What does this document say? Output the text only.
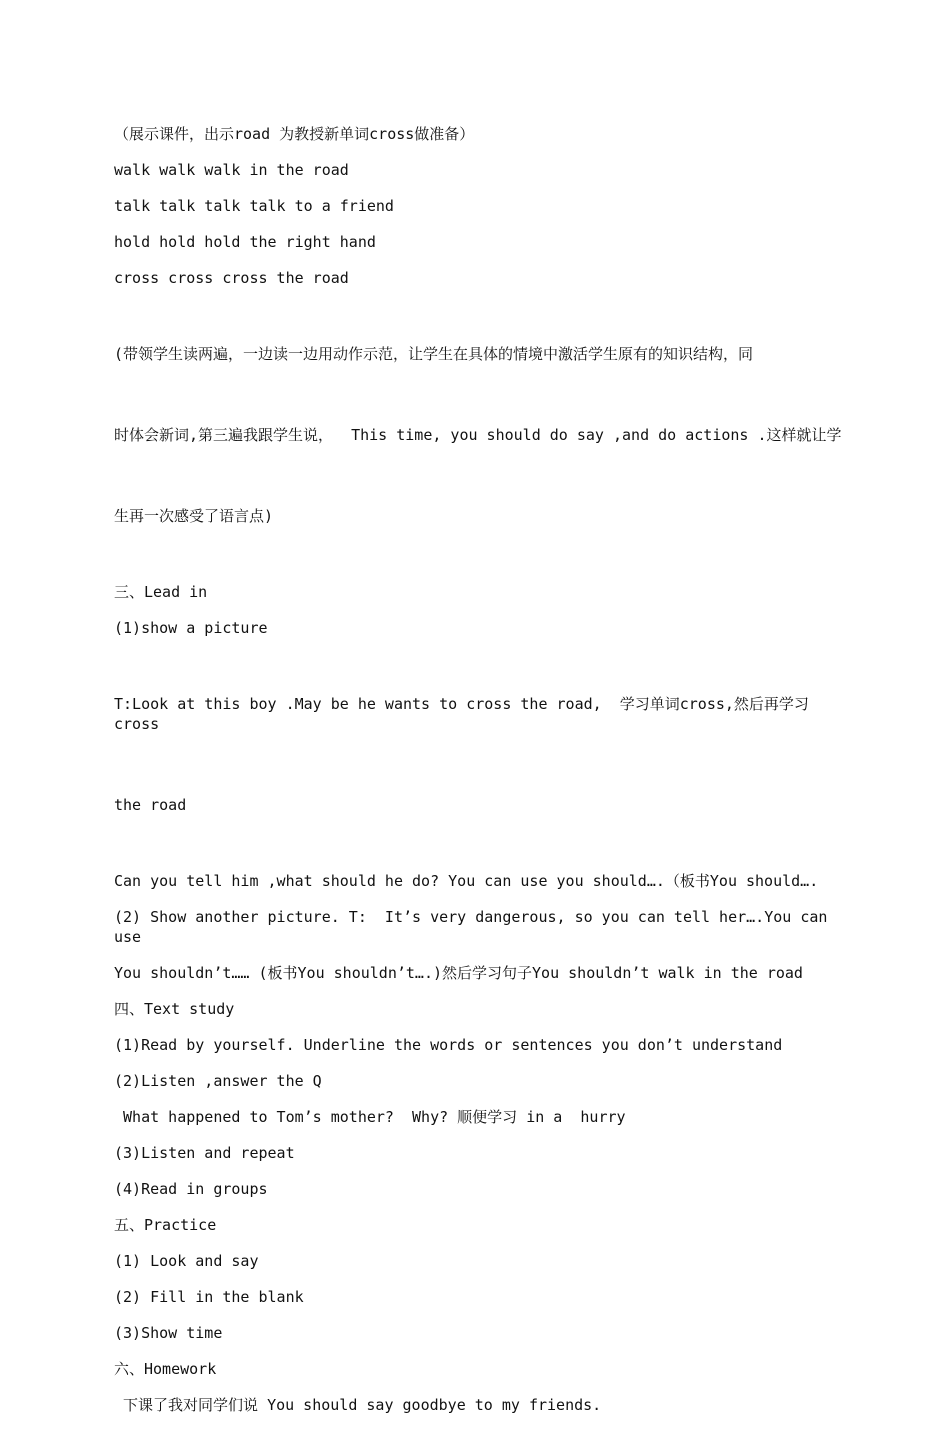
（展示课件，出示road 为教授新单词cross做准备）
walk walk walk in the road
talk talk talk talk to a friend
hold hold hold the right hand
cross cross cross the road

(带领学生读两遍，一边读一边用动作示范，让学生在具体的情境中激活学生原有的知识结构，同

时体会新词,第三遍我跟学生说，  This time, you should do say ,and do actions .这样就让学

生再一次感受了语言点)

三、Lead in
(1)show a picture

T:Look at this boy .May be he wants to cross the road,  学习单词cross,然后再学习cross

the road

Can you tell him ,what should he do? You can use you should….（板书You should….
(2) Show another picture. T:  It’s very dangerous, so you can tell her….You can use
You shouldn’t…… (板书You shouldn’t….)然后学习句子You shouldn’t walk in the road
四、Text study
(1)Read by yourself. Underline the words or sentences you don’t understand
(2)Listen ,answer the Q
What happened to Tom’s mother?  Why? 顺便学习 in a  hurry
(3)Listen and repeat
(4)Read in groups
五、Practice
(1) Look and say
(2) Fill in the blank
(3)Show time
六、Homework
下课了我对同学们说 You should say goodbye to my friends.
